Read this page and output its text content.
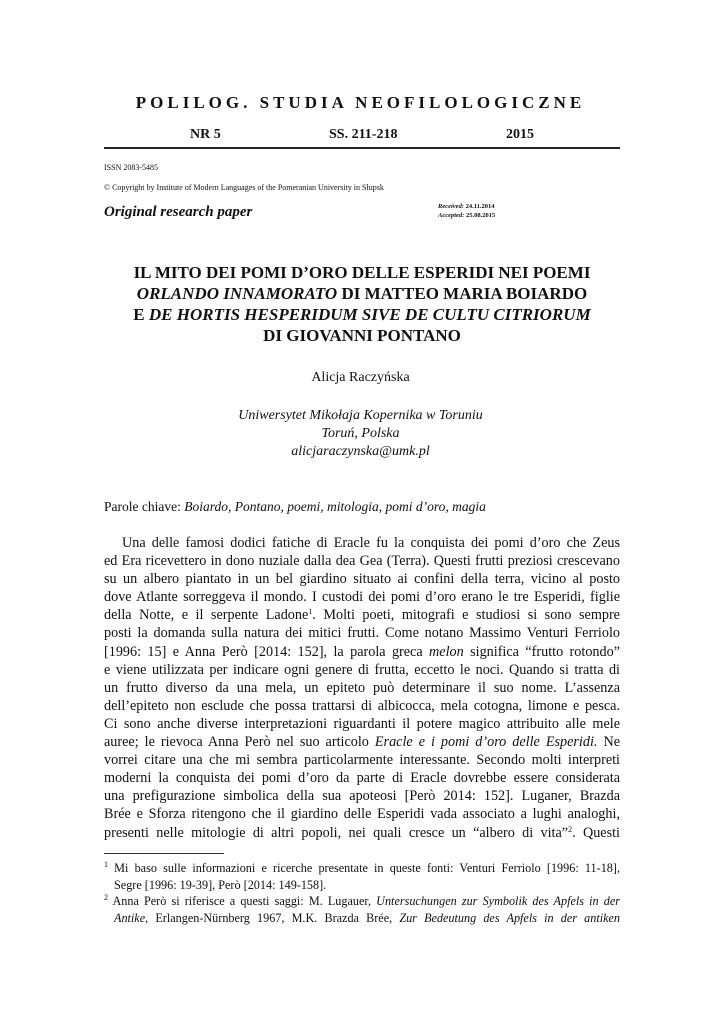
POLILOG. STUDIA NEOFILOLOGICZNE
NR 5	SS. 211-218	2015
ISSN 2083-5485
© Copyright by Institute of Modern Languages of the Pomeranian University in Słupsk
Original research paper	Received: 24.11.2014
Accepted: 25.08.2015
IL MITO DEI POMI D’ORO DELLE ESPERIDI NEI POEMI
ORLANDO INNAMORATO DI MATTEO MARIA BOIARDO
E DE HORTIS HESPERIDUM SIVE DE CULTU CITRIORUM
DI GIOVANNI PONTANO
Alicja Raczyńska
Uniwersytet Mikołaja Kopernika w Toruniu
Toruń, Polska
alicjaraczynska@umk.pl
Parole chiave: Boiardo, Pontano, poemi, mitologia, pomi d’oro, magia
Una delle famosi dodici fatiche di Eracle fu la conquista dei pomi d’oro che Zeus
ed Era ricevettero in dono nuziale dalla dea Gea (Terra). Questi frutti preziosi crescevano
su un albero piantato in un bel giardino situato ai confini della terra, vicino al posto
dove Atlante sorreggeva il mondo. I custodi dei pomi d’oro erano le tre Esperidi, figlie
della Notte, e il serpente Ladone$^1$. Molti poeti, mitografi e studiosi si sono sempre
posti la domanda sulla natura dei mitici frutti. Come notano Massimo Venturi Ferriolo
[1996: 15] e Anna Però [2014: 152], la parola greca melon significa “frutto rotondo”
e viene utilizzata per indicare ogni genere di frutta, eccetto le noci. Quando si tratta di
un frutto diverso da una mela, un epiteto può determinare il suo nome. L’assenza
dell’epiteto non esclude che possa trattarsi di albicocca, mela cotogna, limone e pesca.
Ci sono anche diverse interpretazioni riguardanti il potere magico attribuito alle mele
auree; le rievoca Anna Però nel suo articolo Eracle e i pomi d’oro delle Esperidi. Ne
vorrei citare una che mi sembra particolarmente interessante. Secondo molti interpreti
moderni la conquista dei pomi d’oro da parte di Eracle dovrebbe essere considerata
una prefigurazione simbolica della sua apoteosi [Però 2014: 152]. Luganer, Brazda
Brée e Sforza ritengono che il giardino delle Esperidi vada associato a lughi analoghi,
presenti nelle mitologie di altri popoli, nei quali cresce un “albero di vita”$^2$. Questi
$^1$ Mi baso sulle informazioni e ricerche presentate in queste fonti: Venturi Ferriolo [1996: 11-18],
Segre [1996: 19-39], Però [2014: 149-158].
$^2$ Anna Però si riferisce a questi saggi: M. Lugauer, Untersuchungen zur Symbolik des Apfels in der
Antike, Erlangen-Nürnberg 1967, M.K. Brazda Brée, Zur Bedeutung des Apfels in der antiken
